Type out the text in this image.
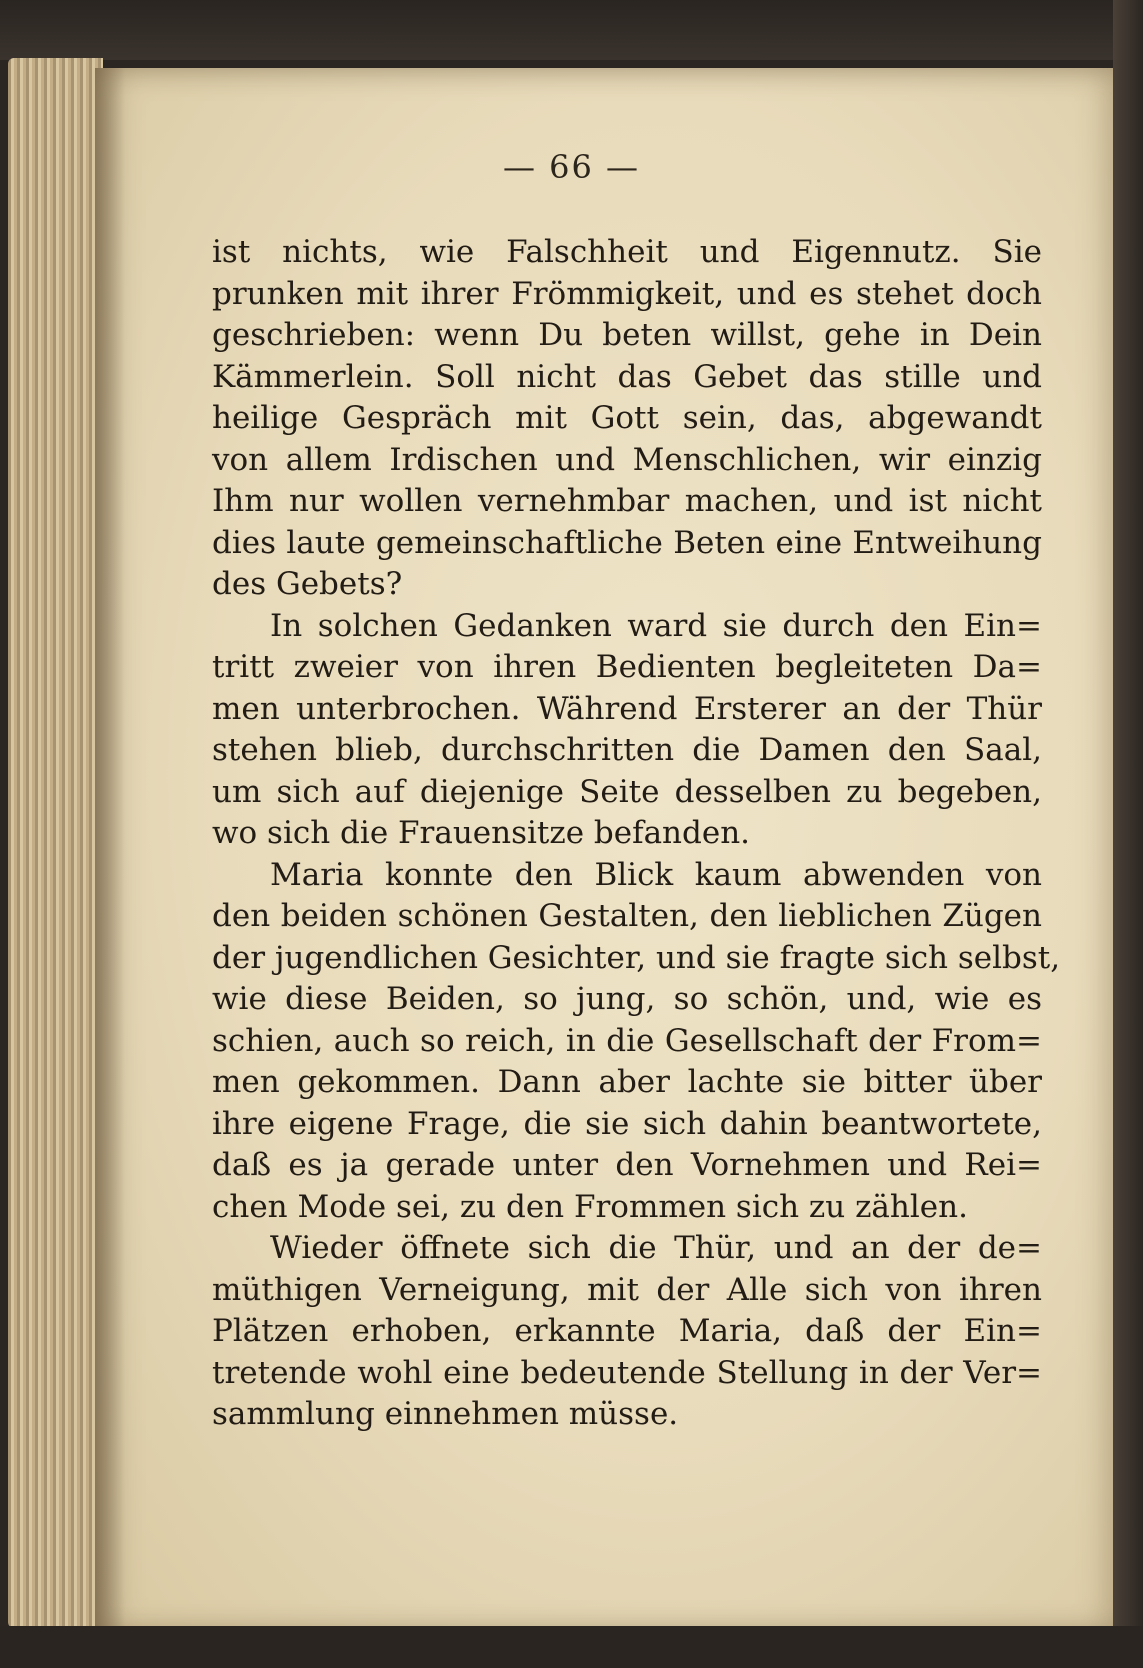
— 66 —
ist nichts, wie Falschheit und Eigennutz. Sie
prunken mit ihrer Frömmigkeit, und es stehet doch
geschrieben: wenn Du beten willst, gehe in Dein
Kämmerlein. Soll nicht das Gebet das stille und
heilige Gespräch mit Gott sein, das, abgewandt
von allem Irdischen und Menschlichen, wir einzig
Ihm nur wollen vernehmbar machen, und ist nicht
dies laute gemeinschaftliche Beten eine Entweihung
des Gebets?
In solchen Gedanken ward sie durch den Ein=
tritt zweier von ihren Bedienten begleiteten Da=
men unterbrochen. Während Ersterer an der Thür
stehen blieb, durchschritten die Damen den Saal,
um sich auf diejenige Seite desselben zu begeben,
wo sich die Frauensitze befanden.
Maria konnte den Blick kaum abwenden von
den beiden schönen Gestalten, den lieblichen Zügen
der jugendlichen Gesichter, und sie fragte sich selbst,
wie diese Beiden, so jung, so schön, und, wie es
schien, auch so reich, in die Gesellschaft der From=
men gekommen. Dann aber lachte sie bitter über
ihre eigene Frage, die sie sich dahin beantwortete,
daß es ja gerade unter den Vornehmen und Rei=
chen Mode sei, zu den Frommen sich zu zählen.
Wieder öffnete sich die Thür, und an der de=
müthigen Verneigung, mit der Alle sich von ihren
Plätzen erhoben, erkannte Maria, daß der Ein=
tretende wohl eine bedeutende Stellung in der Ver=
sammlung einnehmen müsse.
